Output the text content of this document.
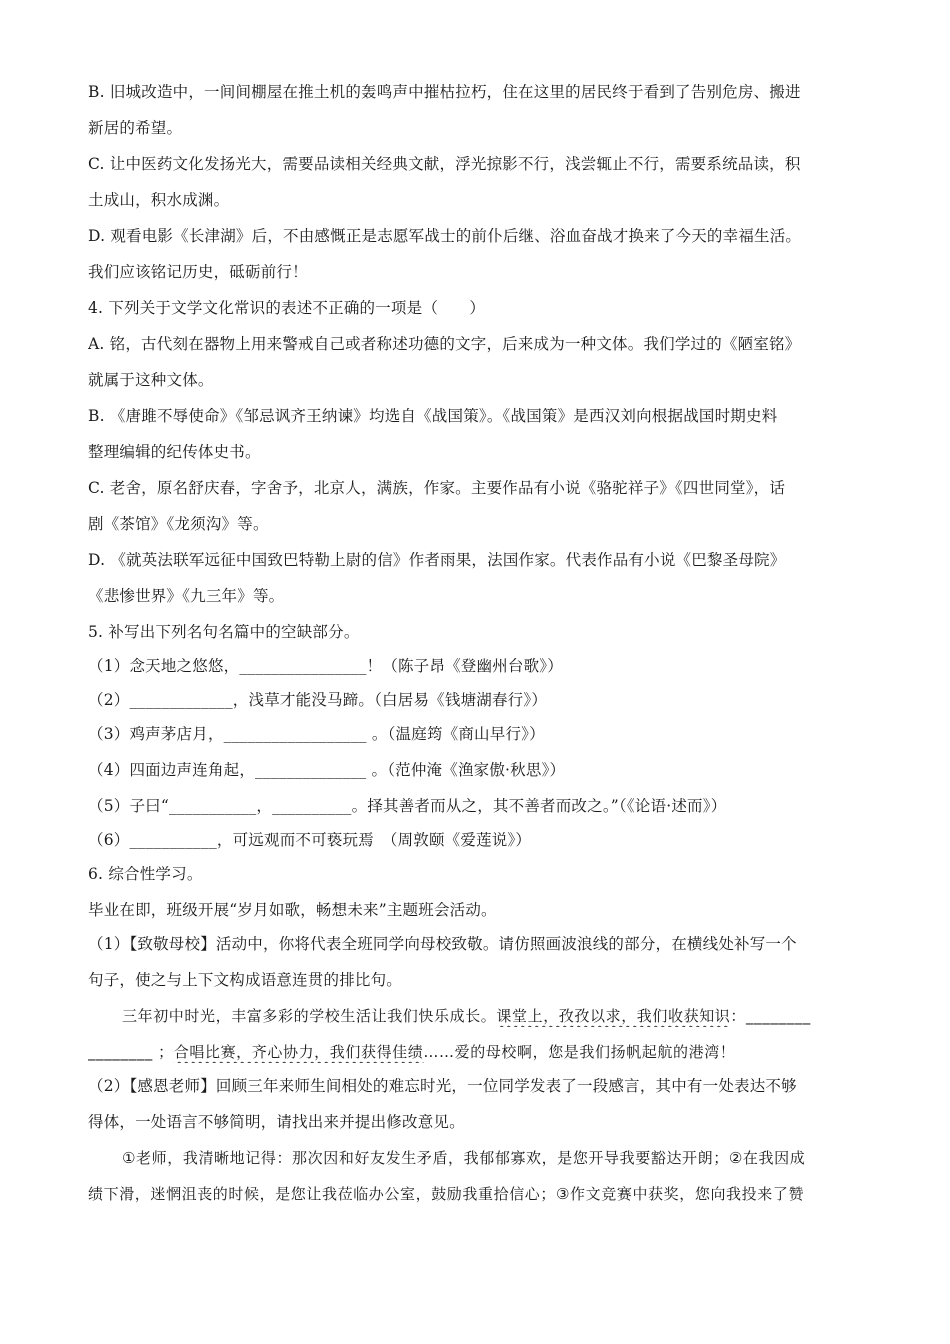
B. 旧城改造中，一间间棚屋在推土机的轰鸣声中摧枯拉朽，住在这里的居民终于看到了告别危房、搬进
新居的希望。
C. 让中医药文化发扬光大，需要品读相关经典文献，浮光掠影不行，浅尝辄止不行，需要系统品读，积
土成山，积水成渊。
D. 观看电影《长津湖》后，不由感慨正是志愿军战士的前仆后继、浴血奋战才换来了今天的幸福生活。
我们应该铭记历史，砥砺前行！
4. 下列关于文学文化常识的表述不正确的一项是（　　）
A. 铭，古代刻在器物上用来警戒自己或者称述功德的文字，后来成为一种文体。我们学过的《陋室铭》
就属于这种文体。
B. 《唐雎不辱使命》《邹忌讽齐王纳谏》均选自《战国策》。《战国策》是西汉刘向根据战国时期史料
整理编辑的纪传体史书。
C. 老舍，原名舒庆春，字舍予，北京人，满族，作家。主要作品有小说《骆驼祥子》《四世同堂》，话
剧《茶馆》《龙须沟》等。
D. 《就英法联军远征中国致巴特勒上尉的信》作者雨果，法国作家。代表作品有小说《巴黎圣母院》
《悲惨世界》《九三年》等。
5. 补写出下列名句名篇中的空缺部分。
（1）念天地之悠悠，________________！（陈子昂《登幽州台歌》）
（2）_____________，浅草才能没马蹄。（白居易《钱塘湖春行》）
（3）鸡声茅店月，__________________ 。（温庭筠《商山早行》）
（4）四面边声连角起，______________ 。（范仲淹《渔家傲·秋思》）
（5）子曰“___________，__________。择其善者而从之，其不善者而改之。”（《论语·述而》）
（6）___________，可远观而不可亵玩焉　（周敦颐《爱莲说》）
6. 综合性学习。
毕业在即，班级开展“岁月如歌，畅想未来”主题班会活动。
（1）【致敬母校】活动中，你将代表全班同学向母校致敬。请仿照画波浪线的部分，在横线处补写一个
句子，使之与上下文构成语意连贯的排比句。
三年初中时光，丰富多彩的学校生活让我们快乐成长。课堂上，孜孜以求，我们收获知识：________
________ ；合唱比赛，齐心协力，我们获得佳绩……爱的母校啊，您是我们扬帆起航的港湾！
（2）【感恩老师】回顾三年来师生间相处的难忘时光，一位同学发表了一段感言，其中有一处表达不够
得体，一处语言不够简明，请找出来并提出修改意见。
①老师，我清晰地记得：那次因和好友发生矛盾，我郁郁寡欢，是您开导我要豁达开朗；②在我因成
绩下滑，迷惘沮丧的时候，是您让我莅临办公室，鼓励我重拾信心；③作文竞赛中获奖，您向我投来了赞
